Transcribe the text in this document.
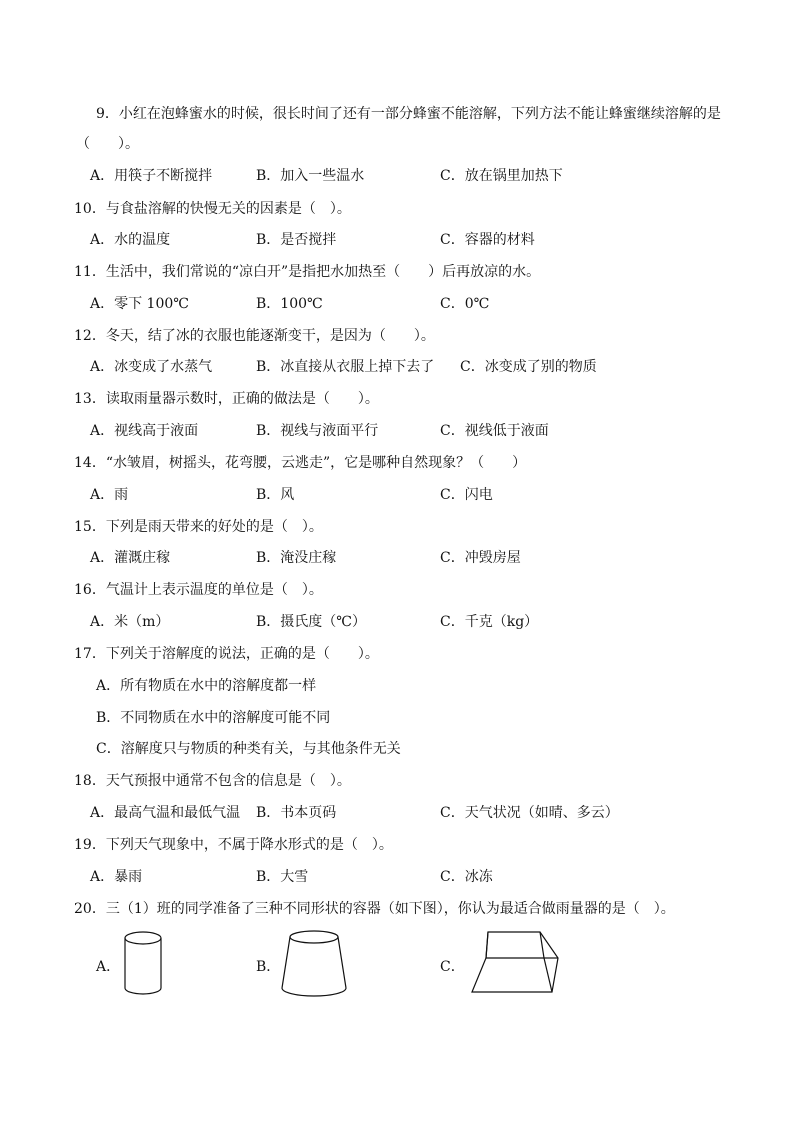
9．小红在泡蜂蜜水的时候，很长时间了还有一部分蜂蜜不能溶解，下列方法不能让蜂蜜继续溶解的是
（　　）。
A．用筷子不断搅拌	B．加入一些温水	C．放在锅里加热下
10．与食盐溶解的快慢无关的因素是（　）。
A．水的温度	B．是否搅拌	C．容器的材料
11．生活中，我们常说的“凉白开”是指把水加热至（　　）后再放凉的水。
A．零下 100℃	B．100℃	C．0℃
12．冬天，结了冰的衣服也能逐渐变干，是因为（　　）。
A．冰变成了水蒸气	B．冰直接从衣服上掉下去了 C．冰变成了别的物质
13．读取雨量器示数时，正确的做法是（　　）。
A．视线高于液面	B．视线与液面平行	C．视线低于液面
14．“水皱眉，树摇头，花弯腰，云逃走”，它是哪种自然现象？（　　）
A．雨	B．风	C．闪电
15．下列是雨天带来的好处的是（　）。
A．灌溉庄稼	B．淹没庄稼	C．冲毁房屋
16．气温计上表示温度的单位是（　）。
A．米（m）	B．摄氏度（℃）	C．千克（kg）
17．下列关于溶解度的说法，正确的是（　　）。
A．所有物质在水中的溶解度都一样
B．不同物质在水中的溶解度可能不同
C．溶解度只与物质的种类有关，与其他条件无关
18．天气预报中通常不包含的信息是（　）。
A．最高气温和最低气温 B．书本页码	C．天气状况（如晴、多云）
19．下列天气现象中，不属于降水形式的是（　）。
A．暴雨	B．大雪	C．冰冻
20．三（1）班的同学准备了三种不同形状的容器（如下图），你认为最适合做雨量器的是（　）。
A．	B．	C．
